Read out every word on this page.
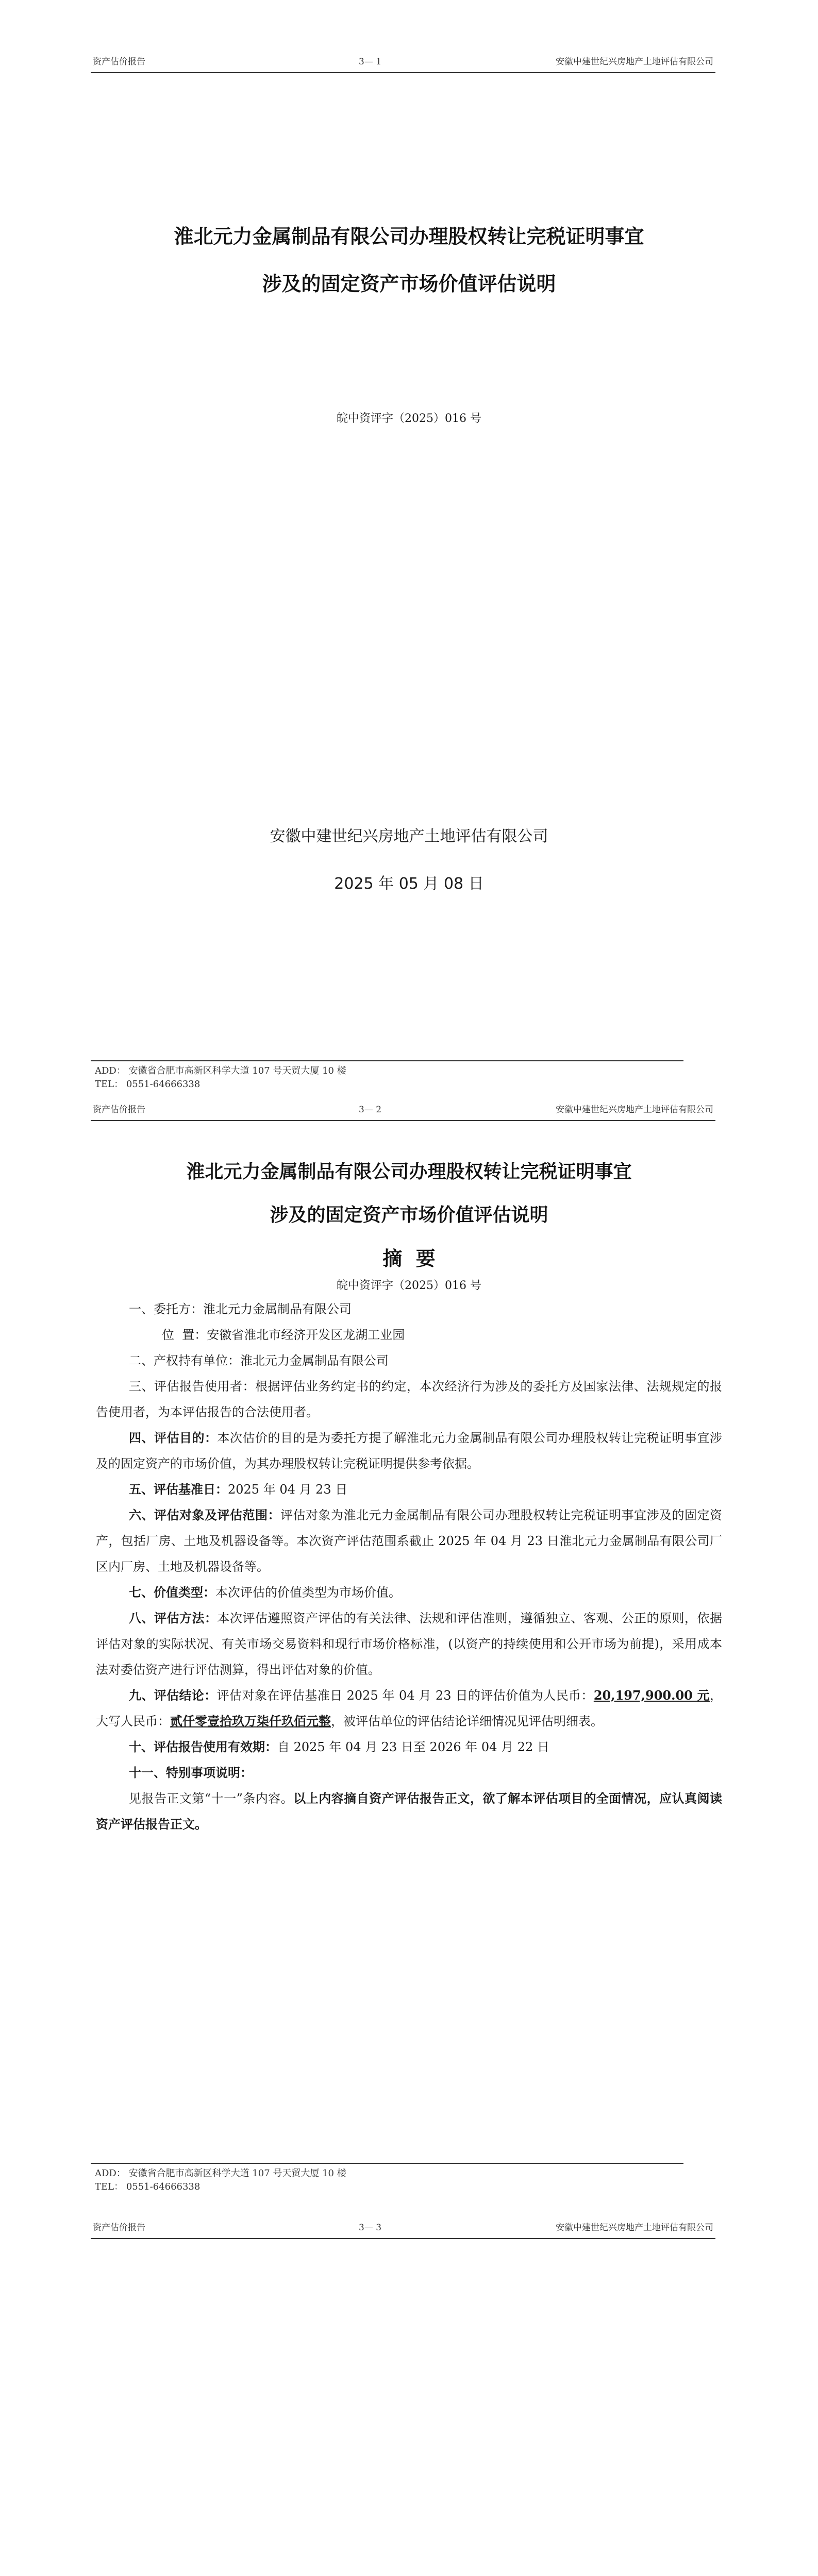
资产估价报告	3— 1	安徽中建世纪兴房地产土地评估有限公司
淮北元力金属制品有限公司办理股权转让完税证明事宜
涉及的固定资产市场价值评估说明
皖中资评字（2025）016 号
安徽中建世纪兴房地产土地评估有限公司
2025 年 05 月 08 日
ADD： 安徽省合肥市高新区科学大道 107 号天贸大厦 10 楼
TEL： 0551-64666338
资产估价报告	3— 2	安徽中建世纪兴房地产土地评估有限公司
淮北元力金属制品有限公司办理股权转让完税证明事宜
涉及的固定资产市场价值评估说明
摘  要
皖中资评字（2025）016 号

一、委托方：淮北元力金属制品有限公司

位  置：安徽省淮北市经济开发区龙湖工业园

二、产权持有单位：淮北元力金属制品有限公司

三、评估报告使用者：根据评估业务约定书的约定，本次经济行为涉及的委托方及国家法律、法规规定的报告使用者，为本评估报告的合法使用者。

四、评估目的：本次估价的目的是为委托方提了解淮北元力金属制品有限公司办理股权转让完税证明事宜涉及的固定资产的市场价值，为其办理股权转让完税证明提供参考依据。

五、评估基准日：2025 年 04 月 23 日

六、评估对象及评估范围：评估对象为淮北元力金属制品有限公司办理股权转让完税证明事宜涉及的固定资产，包括厂房、土地及机器设备等。本次资产评估范围系截止 2025 年 04 月 23 日淮北元力金属制品有限公司厂区内厂房、土地及机器设备等。

七、价值类型：本次评估的价值类型为市场价值。

八、评估方法：本次评估遵照资产评估的有关法律、法规和评估准则，遵循独立、客观、公正的原则，依据评估对象的实际状况、有关市场交易资料和现行市场价格标准，(以资产的持续使用和公开市场为前提)，采用成本法对委估资产进行评估测算，得出评估对象的价值。

九、评估结论：评估对象在评估基准日 2025 年 04 月 23 日的评估价值为人民币：20,197,900.00 元，大写人民币：贰仟零壹拾玖万柒仟玖佰元整，被评估单位的评估结论详细情况见评估明细表。

十、评估报告使用有效期：自 2025 年 04 月 23 日至 2026 年 04 月 22 日

十一、特别事项说明：

见报告正文第“十一”条内容。以上内容摘自资产评估报告正文，欲了解本评估项目的全面情况，应认真阅读资产评估报告正文。

ADD： 安徽省合肥市高新区科学大道 107 号天贸大厦 10 楼
TEL： 0551-64666338
资产估价报告	3— 3	安徽中建世纪兴房地产土地评估有限公司
